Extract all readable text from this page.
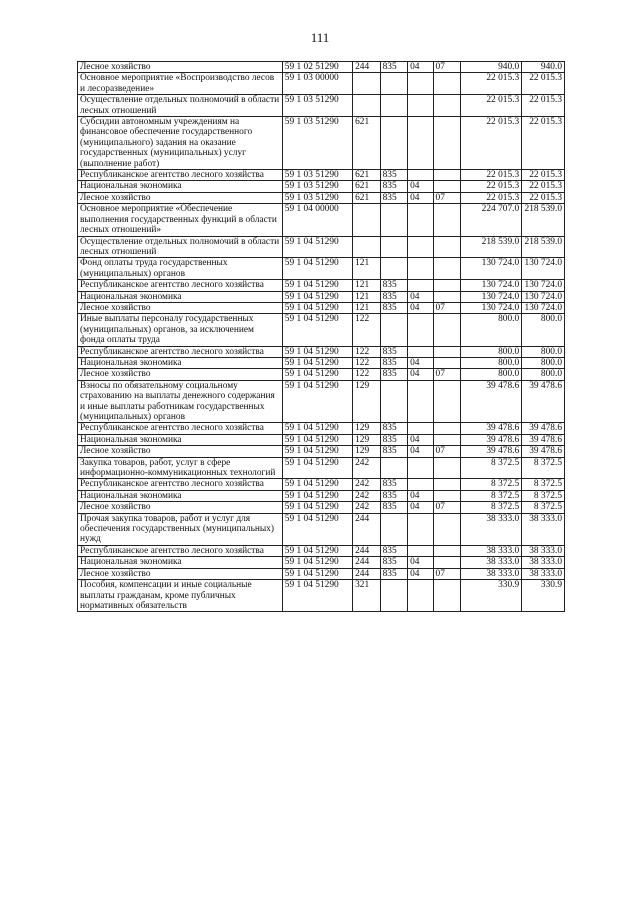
111
Лесное хозяйство	59 1 02 51290	244	835	04	07	940.0	940.0
Основное мероприятие «Воспроизводство лесов и лесоразведение»	59 1 03 00000					22 015.3	22 015.3
Осуществление отдельных полномочий в области лесных отношений	59 1 03 51290					22 015.3	22 015.3
Субсидии автономным учреждениям на финансовое обеспечение государственного (муниципального) задания на оказание государственных (муниципальных) услуг (выполнение работ)	59 1 03 51290	621				22 015.3	22 015.3
Республиканское агентство лесного хозяйства	59 1 03 51290	621	835			22 015.3	22 015.3
Национальная экономика	59 1 03 51290	621	835	04		22 015.3	22 015.3
Лесное хозяйство	59 1 03 51290	621	835	04	07	22 015.3	22 015.3
Основное мероприятие «Обеспечение выполнения государственных функций в области лесных отношений»	59 1 04 00000					224 707.0	218 539.0
Осуществление отдельных полномочий в области лесных отношений	59 1 04 51290					218 539.0	218 539.0
Фонд оплаты труда государственных (муниципальных) органов	59 1 04 51290	121				130 724.0	130 724.0
Республиканское агентство лесного хозяйства	59 1 04 51290	121	835			130 724.0	130 724.0
Национальная экономика	59 1 04 51290	121	835	04		130 724.0	130 724.0
Лесное хозяйство	59 1 04 51290	121	835	04	07	130 724.0	130 724.0
Иные выплаты персоналу государственных (муниципальных) органов, за исключением фонда оплаты труда	59 1 04 51290	122				800.0	800.0
Республиканское агентство лесного хозяйства	59 1 04 51290	122	835			800.0	800.0
Национальная экономика	59 1 04 51290	122	835	04		800.0	800.0
Лесное хозяйство	59 1 04 51290	122	835	04	07	800.0	800.0
Взносы по обязательному социальному страхованию на выплаты денежного содержания и иные выплаты работникам государственных (муниципальных) органов	59 1 04 51290	129				39 478.6	39 478.6
Республиканское агентство лесного хозяйства	59 1 04 51290	129	835			39 478.6	39 478.6
Национальная экономика	59 1 04 51290	129	835	04		39 478.6	39 478.6
Лесное хозяйство	59 1 04 51290	129	835	04	07	39 478.6	39 478.6
Закупка товаров, работ, услуг в сфере информационно-коммуникационных технологий	59 1 04 51290	242				8 372.5	8 372.5
Республиканское агентство лесного хозяйства	59 1 04 51290	242	835			8 372.5	8 372.5
Национальная экономика	59 1 04 51290	242	835	04		8 372.5	8 372.5
Лесное хозяйство	59 1 04 51290	242	835	04	07	8 372.5	8 372.5
Прочая закупка товаров, работ и услуг для обеспечения государственных (муниципальных) нужд	59 1 04 51290	244				38 333.0	38 333.0
Республиканское агентство лесного хозяйства	59 1 04 51290	244	835			38 333.0	38 333.0
Национальная экономика	59 1 04 51290	244	835	04		38 333.0	38 333.0
Лесное хозяйство	59 1 04 51290	244	835	04	07	38 333.0	38 333.0
Пособия, компенсации и иные социальные выплаты гражданам, кроме публичных нормативных обязательств	59 1 04 51290	321				330.9	330.9
